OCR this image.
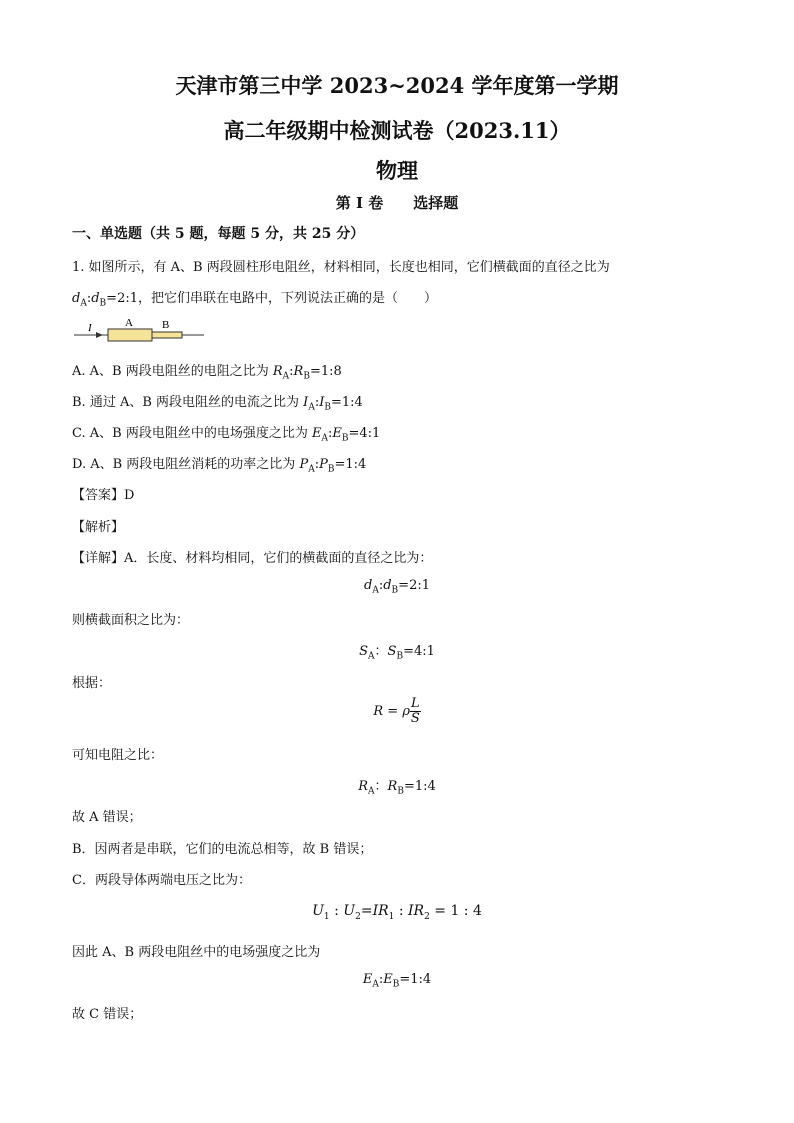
天津市第三中学 2023~2024 学年度第一学期
高二年级期中检测试卷（2023.11）
物理
第 I 卷　　选择题
一、单选题（共 5 题，每题 5 分，共 25 分）
1. 如图所示，有 A、B 两段圆柱形电阻丝，材料相同，长度也相同，它们横截面的直径之比为
$d_A:d_B=2:1$，把它们串联在电路中，下列说法正确的是（　　）
I	A	B
A. A、B 两段电阻丝的电阻之比为 $R_A:R_B=1:8$
B. 通过 A、B 两段电阻丝的电流之比为 $I_A:I_B=1:4$
C. A、B 两段电阻丝中的电场强度之比为 $E_A:E_B=4:1$
D. A、B 两段电阻丝消耗的功率之比为 $P_A:P_B=1:4$
【答案】D
【解析】
【详解】A．长度、材料均相同，它们的横截面的直径之比为：
$d_A:d_B=2:1$
则横截面积之比为：
$S_A$：$S_B=4:1$
根据：
R = ρ $\frac{L}{S}$
可知电阻之比：
$R_A$：$R_B=1:4$
故 A 错误；
B．因两者是串联，它们的电流总相等，故 B 错误；
C．两段导体两端电压之比为：
$U_1$ : $U_2=IR_1$ : $IR_2 = 1$ : 4
因此 A、B 两段电阻丝中的电场强度之比为
$E_A:E_B=1:4$
故 C 错误；
